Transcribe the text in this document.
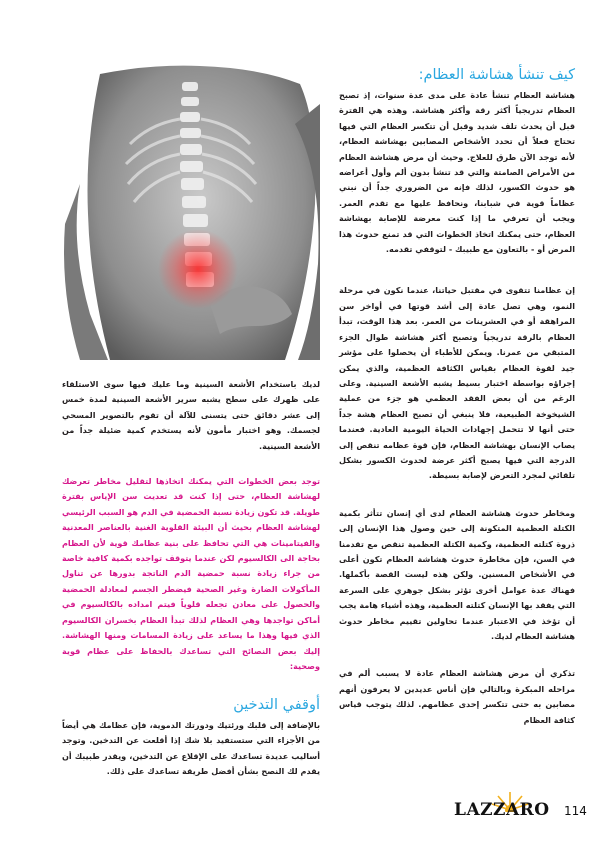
كيف تنشأ هشاشة العظام:

هشاشة العظام تنشأ عادة على مدى عدة سنوات، إذ تصبح العظام تدريجياً أكثر رقة وأكثر هشاشة. وهذه هي الفترة قبل أن يحدث تلف شديد وقبل أن تتكسر العظام التي فيها تحتاج فعلاً أن تحدد الأشخاص المصابين بهشاشة العظام، لأنه توجد الآن طرق للعلاج. وحيث أن مرض هشاشة العظام من الأمراض الصامتة والتي قد تنشأ بدون ألم وأول أعراضه هو حدوث الكسور، لذلك فإنه من الضروري جداً أن نبني عظاماً قوية في شبابنا، ونحافظ عليها مع تقدم العمر. ويجب أن تعرفي ما إذا كنت معرضة للإصابة بهشاشة العظام، حتى يمكنك اتخاذ الخطوات التي قد تمنع حدوث هذا المرض أو - بالتعاون مع طبيبك - لتوقفي تقدمه.

إن عظامنا تتقوى في مقتبل حياتنا، عندما نكون في مرحلة النمو، وهي تصل عادة إلى أشد قوتها في أواخر سن المراهقة أو في العشرينات من العمر. بعد هذا الوقت، تبدأ العظام بالرقة تدريجياً وتصبح أكثر هشاشة طوال الجزء المتبقي من عمرنا. ويمكن للأطباء أن يحصلوا على مؤشر جيد لقوة العظام بقياس الكثافة العظمية، والذي يمكن إجراؤه بواسطة اختبار بسيط يشبه الأشعة السينية. وعلى الرغم من أن بعض الفقد العظمي هو جزء من عملية الشيخوخة الطبيعية، فلا ينبغي أن تصبح العظام هشة جداً حتى أنها لا تتحمل إجهادات الحياة اليومية العادية. فعندما يصاب الإنسان بهشاشة العظام، فإن قوة عظامه تنقص إلى الدرجة التي فيها يصبح أكثر عرضة لحدوث الكسور بشكل تلقائي لمجرد التعرض لإصابة بسيطة.

ومخاطر حدوث هشاشة العظام لدى أي إنسان تتأثر بكمية الكتلة العظمية المتكونة إلى حين وصول هذا الإنسان إلى ذروة كتلته العظمية، وكمية الكتلة العظمية تنقص مع تقدمنا في السن، فإن مخاطرة حدوث هشاشة العظام تكون أعلى في الأشخاص المسنين. ولكن هذه ليست القصة بأكملها. فهناك عدة عوامل أخرى تؤثر بشكل جوهري على السرعة التي يفقد بها الإنسان كتلته العظمية، وهذه أشياء هامة يجب أن تؤخذ في الاعتبار عندما تحاولين تقييم مخاطر حدوث هشاشة العظام لديك.

تذكري أن مرض هشاشة العظام عادة لا يسبب ألم في مراحله المبكرة وبالتالي فإن أناس عديدين لا يعرفون أنهم مصابين به حتى تتكسر إحدى عظامهم. لذلك يتوجب قياس كثافة العظام

لديك باستخدام الأشعة السينية وما عليك فيها سوى الاستلقاء على ظهرك على سطح يشبه سرير الأشعة السينية لمدة خمس إلى عشر دقائق حتى يتسنى للآلة أن تقوم بالتصوير المسحي لجسمك. وهو اختبار مأمون لأنه يستخدم كمية ضئيلة جداً من الأشعة السينية.

توجد بعض الخطوات التي يمكنك اتخاذها لتقليل مخاطر تعرضك لهشاشة العظام، حتى إذا كنت قد تعديت سن الإياس بفترة طويلة. قد تكون زيادة نسبة الحمضية في الدم هو السبب الرئيسي لهشاشة العظام بحيث أن البيئة القلوية الغنية بالعناصر المعدنية والفيتامينات هي التي تحافظ على بنية عظامك قوية لأن العظام بحاجة الى الكالسيوم لكن عندما يتوقف تواجده بكمية كافية خاصة من جراء زيادة نسبة حمضية الدم الناتجة بدورها عن تناول المأكولات الضارة وغير الصحية فيضطر الجسم لمعادلة الحمضية والحصول على معادن تجعله قلوياً فيتم امداده بالكالسيوم في أماكن تواجدها وهي العظام لذلك تبدأ العظام بخسران الكالسيوم الذي فيها وهذا ما يساعد على زيادة المسامات ومنها الهشاشة. إليك بعض النصائح التي تساعدك بالحفاظ على عظام قوية وصحية:

أوقفي التدخين

بالإضافة إلى قلبك ورئتيك ودورتك الدموية، فإن عظامك هي أيضاً من الأجزاء التي ستستفيد بلا شك إذا أقلعت عن التدخين. وتوجد أساليب عديدة تساعدك على الإقلاع عن التدخين، ويقدر طبيبك أن يقدم لك النصح بشأن أفضل طريقة تساعدك على ذلك.

LAZZARO 114
